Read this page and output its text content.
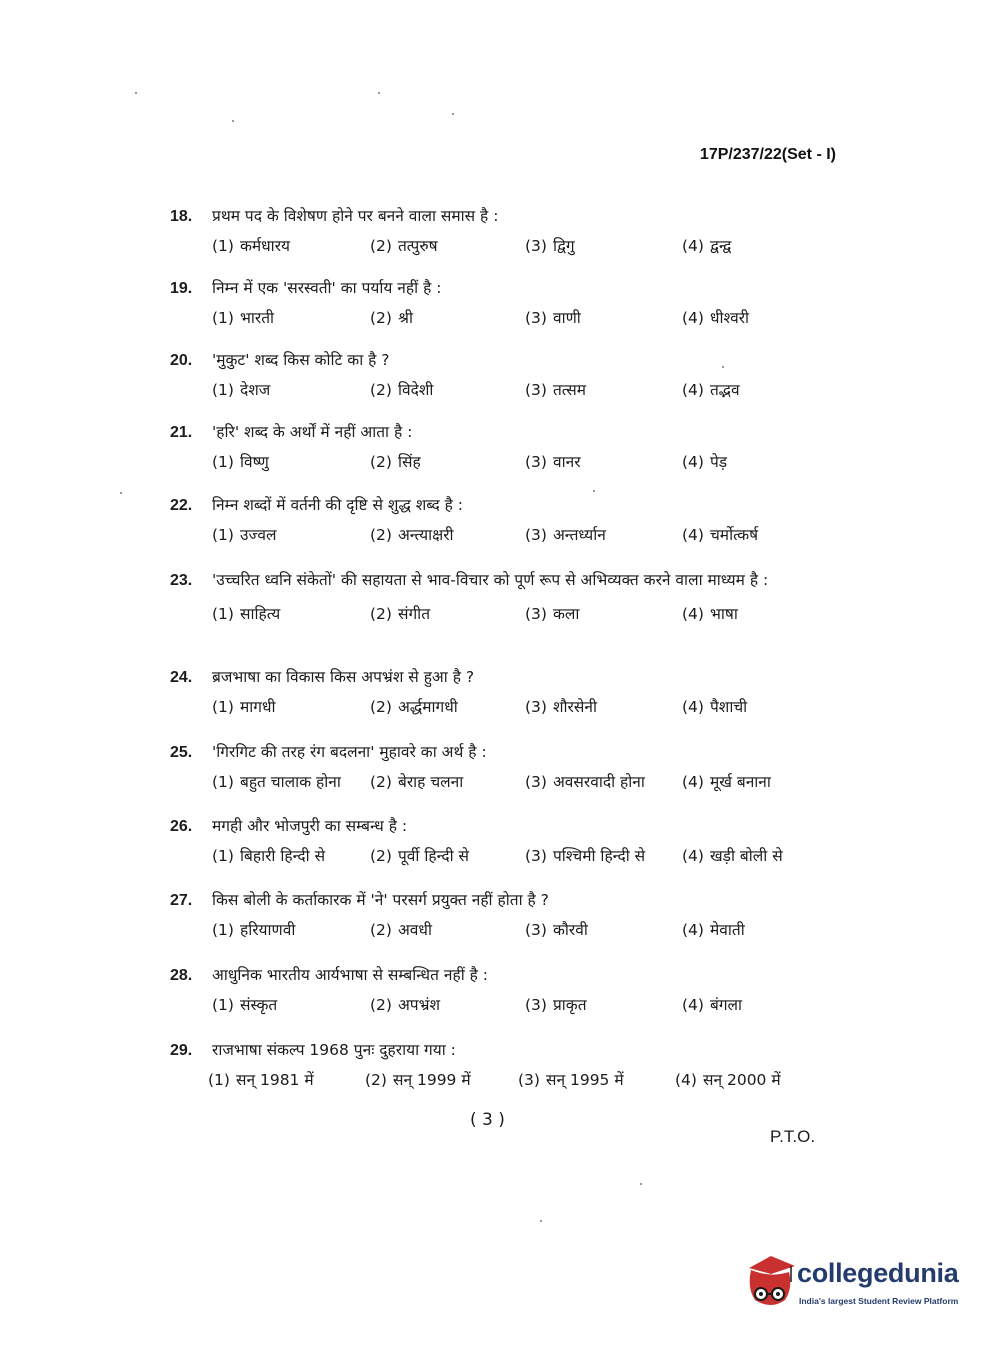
17P/237/22(Set - I)
18.	प्रथम पद के विशेषण होने पर बनने वाला समास है :
(1) कर्मधारय	(2) तत्पुरुष	(3) द्विगु	(4) द्वन्द्व
19.	निम्न में एक 'सरस्वती' का पर्याय नहीं है :
(1) भारती	(2) श्री	(3) वाणी	(4) धीश्वरी
20.	'मुकुट' शब्द किस कोटि का है ?
(1) देशज	(2) विदेशी	(3) तत्सम	(4) तद्भव
21.	'हरि' शब्द के अर्थों में नहीं आता है :
(1) विष्णु	(2) सिंह	(3) वानर	(4) पेड़
22.	निम्न शब्दों में वर्तनी की दृष्टि से शुद्ध शब्द है :
(1) उज्वल	(2) अन्त्याक्षरी	(3) अन्तर्ध्यान	(4) चर्मोत्कर्ष
23.	'उच्चरित ध्वनि संकेतों' की सहायता से भाव-विचार को पूर्ण रूप से अभिव्यक्त करने वाला माध्यम है :
(1) साहित्य	(2) संगीत	(3) कला	(4) भाषा
24.	ब्रजभाषा का विकास किस अपभ्रंश से हुआ है ?
(1) मागधी	(2) अर्द्धमागधी	(3) शौरसेनी	(4) पैशाची
25.	'गिरगिट की तरह रंग बदलना' मुहावरे का अर्थ है :
(1) बहुत चालाक होना (2) बेराह चलना	(3) अवसरवादी होना (4) मूर्ख बनाना
26.	मगही और भोजपुरी का सम्बन्ध है :
(1) बिहारी हिन्दी से	(2) पूर्वी हिन्दी से	(3) पश्चिमी हिन्दी से (4) खड़ी बोली से
27.	किस बोली के कर्ताकारक में 'ने' परसर्ग प्रयुक्त नहीं होता है ?
(1) हरियाणवी	(2) अवधी	(3) कौरवी	(4) मेवाती
28.	आधुनिक भारतीय आर्यभाषा से सम्बन्धित नहीं है :
(1) संस्कृत	(2) अपभ्रंश	(3) प्राकृत	(4) बंगला
29.	राजभाषा संकल्प 1968 पुनः दुहराया गया :
(1) सन् 1981 में	(2) सन् 1999 में	(3) सन् 1995 में	(4) सन् 2000 में
( 3 )
P.T.O.
collegedunia
India's largest Student Review Platform
